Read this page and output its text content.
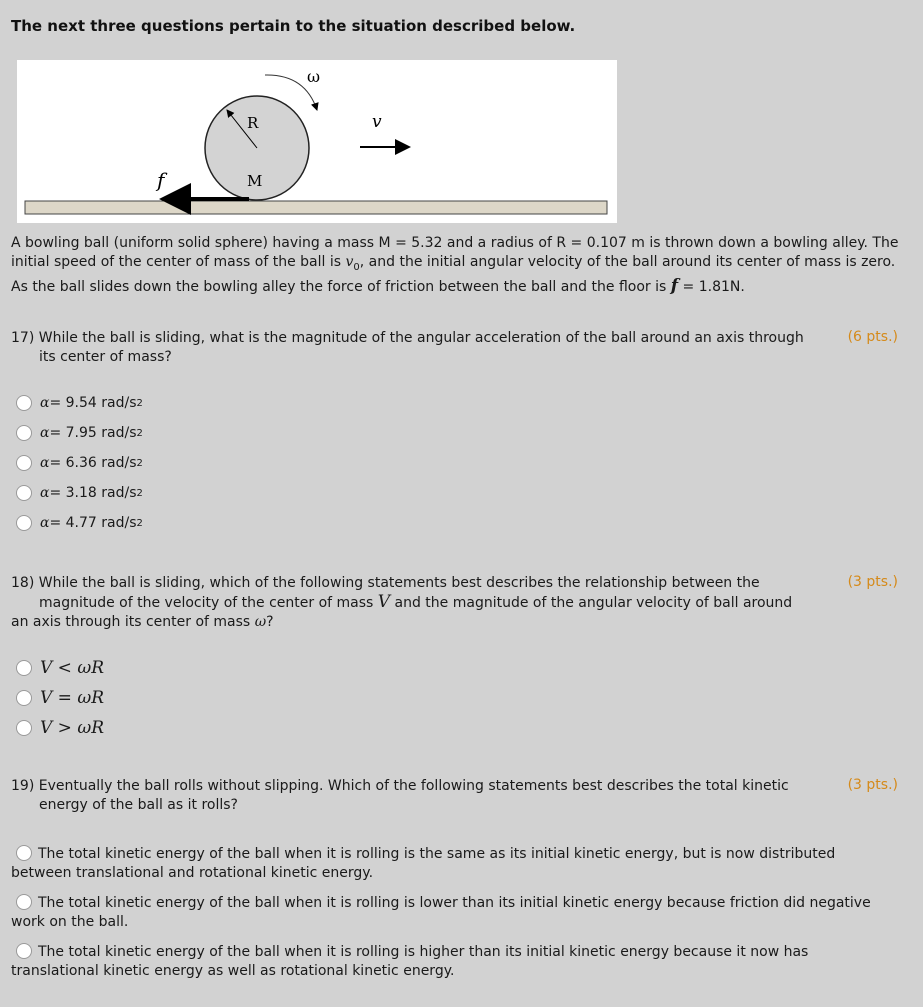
The next three questions pertain to the situation described below.
ω
R	v
f	M
A bowling ball (uniform solid sphere) having a mass M = 5.32 and a radius of R = 0.107 m is thrown down a bowling alley. The initial speed of the center of mass of the ball is $v_0$, and the initial angular velocity of the ball around its center of mass is zero. As the ball slides down the bowling alley the force of friction between the ball and the floor is f = 1.81N.
17) While the ball is sliding, what is the magnitude of the angular acceleration of the ball around an axis through
its center of mass?
(6 pts.)
α = 9.54 rad/s 2
α = 7.95 rad/s 2
α = 6.36 rad/s 2
α = 3.18 rad/s 2
α = 4.77 rad/s 2
18) While the ball is sliding, which of the following statements best describes the relationship between the
magnitude of the velocity of the center of mass V and the magnitude of the angular velocity of ball around
an axis through its center of mass ω?
(3 pts.)
V < ωR
V = ωR
V > ωR
19) Eventually the ball rolls without slipping. Which of the following statements best describes the total kinetic
energy of the ball as it rolls?
(3 pts.)
The total kinetic energy of the ball when it is rolling is the same as its initial kinetic energy, but is now distributed between translational and rotational kinetic energy.
The total kinetic energy of the ball when it is rolling is lower than its initial kinetic energy because friction did negative work on the ball.
The total kinetic energy of the ball when it is rolling is higher than its initial kinetic energy because it now has translational kinetic energy as well as rotational kinetic energy.
